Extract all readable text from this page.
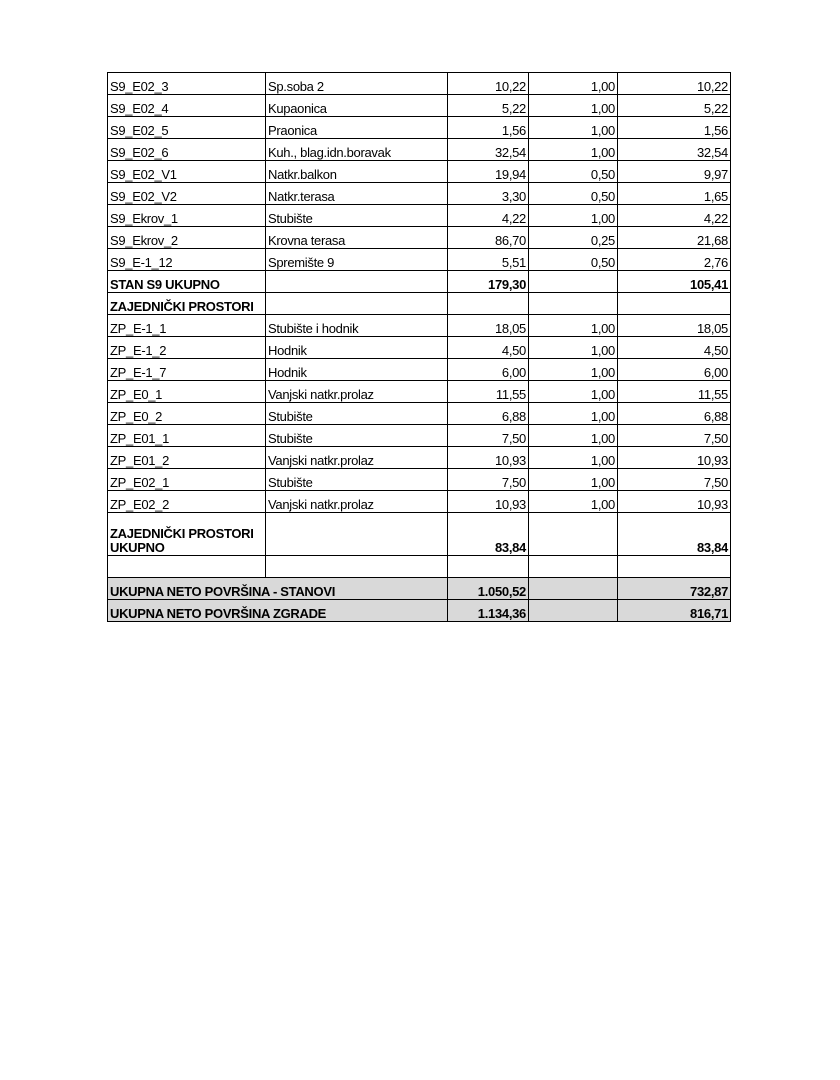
S9_E02_3	Sp.soba 2	10,22	1,00	10,22
S9_E02_4	Kupaonica	5,22	1,00	5,22
S9_E02_5	Praonica	1,56	1,00	1,56
S9_E02_6	Kuh., blag.idn.boravak	32,54	1,00	32,54
S9_E02_V1	Natkr.balkon	19,94	0,50	9,97
S9_E02_V2	Natkr.terasa	3,30	0,50	1,65
S9_Ekrov_1	Stubište	4,22	1,00	4,22
S9_Ekrov_2	Krovna terasa	86,70	0,25	21,68
S9_E-1_12	Spremište 9	5,51	0,50	2,76
STAN S9 UKUPNO		179,30		105,41
ZAJEDNIČKI PROSTORI				
ZP_E-1_1	Stubište i hodnik	18,05	1,00	18,05
ZP_E-1_2	Hodnik	4,50	1,00	4,50
ZP_E-1_7	Hodnik	6,00	1,00	6,00
ZP_E0_1	Vanjski natkr.prolaz	11,55	1,00	11,55
ZP_E0_2	Stubište	6,88	1,00	6,88
ZP_E01_1	Stubište	7,50	1,00	7,50
ZP_E01_2	Vanjski natkr.prolaz	10,93	1,00	10,93
ZP_E02_1	Stubište	7,50	1,00	7,50
ZP_E02_2	Vanjski natkr.prolaz	10,93	1,00	10,93
ZAJEDNIČKI PROSTORI UKUPNO		83,84		83,84

UKUPNA NETO POVRŠINA - STANOVI		1.050,52		732,87
UKUPNA NETO POVRŠINA ZGRADE		1.134,36		816,71
